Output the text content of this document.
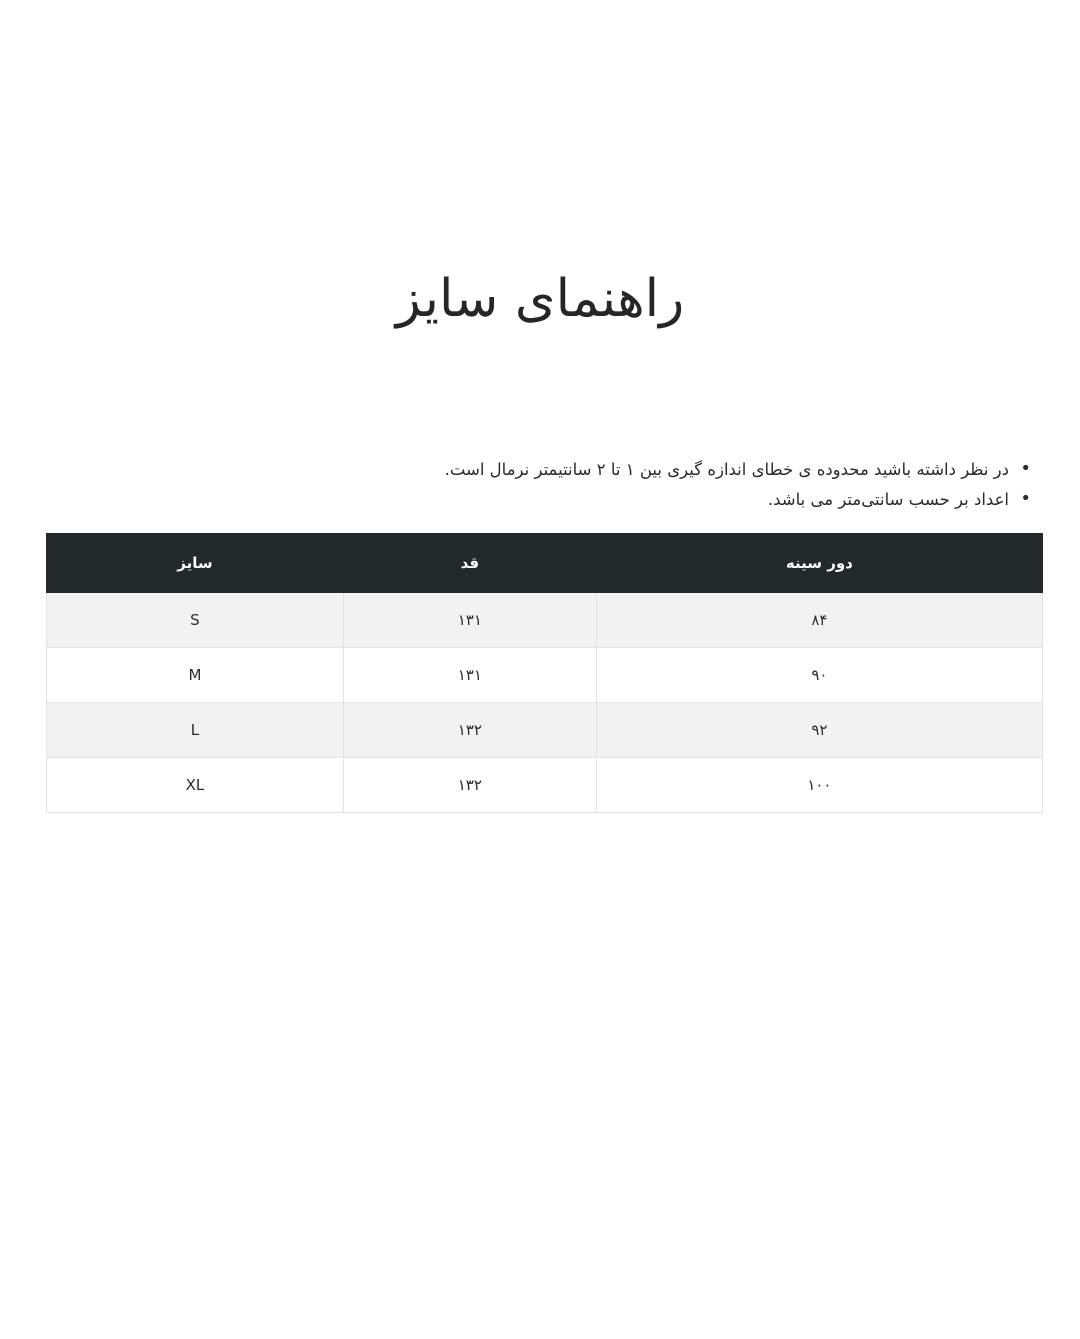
راهنمای سایز
• در نظر داشته باشید محدوده ی خطای اندازه گیری بین ۱ تا ۲ سانتیمتر نرمال است.
• اعداد بر حسب سانتی‌متر می باشد.
دور سینه	قد	سایز
۸۴	۱۳۱	S
۹۰	۱۳۱	M
۹۲	۱۳۲	L
۱۰۰	۱۳۲	XL
